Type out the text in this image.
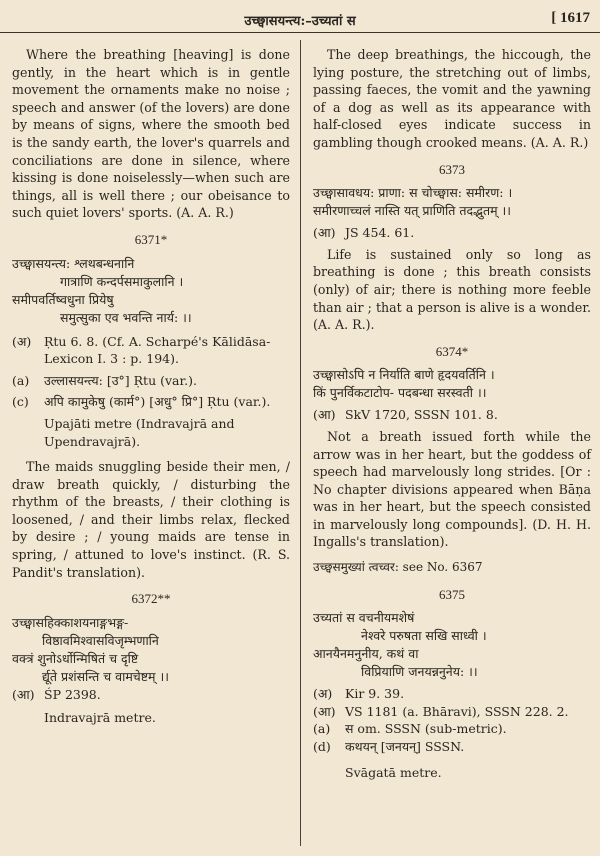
उच्छ्वासयन्त्य:–उच्यतां स	[ 1617

Where the breathing [heaving] is done gently, in the heart which is in gentle movement the ornaments make no noise ; speech and answer (of the lovers) are done by means of signs, where the smooth bed is the sandy earth, the lover's quarrels and conciliations are done in silence, where kissing is done noiselessly—when such are things, all is well there ; our obeisance to such quiet lovers' sports. (A. A. R.)

6371*
उच्छ्वासयन्त्य: श्लथबन्धनानि
गात्राणि कन्दर्पसमाकुलानि ।
समीपवर्तिष्वधुना प्रियेषु
समुत्सुका एव भवन्ति नार्य: ।।
(अ)	Ṛtu 6. 8. (Cf. A. Scharpé's Kālidāsa-Lexicon I. 3 : p. 194).
(a)	उल्लासयन्त्य: [उ°] Ṛtu (var.).
(c)	अपि कामुकेषु (कार्म°) [अधु° प्रि°] Ṛtu (var.).
Upajāti metre (Indravajrā and Upendravajrā).

The maids snuggling beside their men, / draw breath quickly, / disturbing the rhythm of the breasts, / their clothing is loosened, / and their limbs relax, flecked by desire ; / young maids are tense in spring, / attuned to love's instinct. (R. S. Pandit's translation).

6372**
उच्छ्वासहिक्काशयनाङ्गभङ्ग-
विष्ठावमिश्वासविजृम्भणानि
वक्त्रं शुनोऽर्धोन्मिषितं च दृष्टि
र्द्यूते प्रशंसन्ति च वामचेष्टम् ।।
(आ) ŚP 2398.
Indravajrā metre.

The deep breathings, the hiccough, the lying posture, the stretching out of limbs, passing faeces, the vomit and the yawning of a dog as well as its appearance with half-closed eyes indicate success in gambling though crooked means. (A. A. R.)

6373
उच्छ्वासावधय: प्राणा: स चोच्छ्वास: समीरण: ।
समीरणाच्चलं नास्ति यत् प्राणिति तदद्भुतम् ।।
(आ) JS 454. 61.

Life is sustained only so long as breathing is done ; this breath consists (only) of air; there is nothing more feeble than air ; that a person is alive is a wonder. (A. A. R.).

6374*
उच्छ्वासोऽपि न निर्याति बाणे हृदयवर्तिनि ।
किं पुनर्विकटाटोप- पदबन्धा सरस्वती ।।
(आ) SkV 1720, SSSN 101. 8.

Not a breath issued forth while the arrow was in her heart, but the goddess of speech had marvelously long strides. [Or : No chapter divisions appeared when Bāṇa was in her heart, but the speech consisted in marvelously long compounds]. (D. H. H. Ingalls's translation).

उच्छ्वसमुख्यां त्वच्वर: see No. 6367

6375
उच्यतां स वचनीयमशेषं
नेश्वरे परुषता सखि साध्वी ।
आनयैनमनुनीय, कथं वा
विप्रियाणि जनयन्ननुनेय: ।।
(अ)	Kir 9. 39.
(आ) VS 1181 (a. Bhāravi), SSSN 228. 2.
(a)	स om. SSSN (sub-metric).
(d)	कथयन् [जनयन्] SSSN.
Svāgatā metre.
